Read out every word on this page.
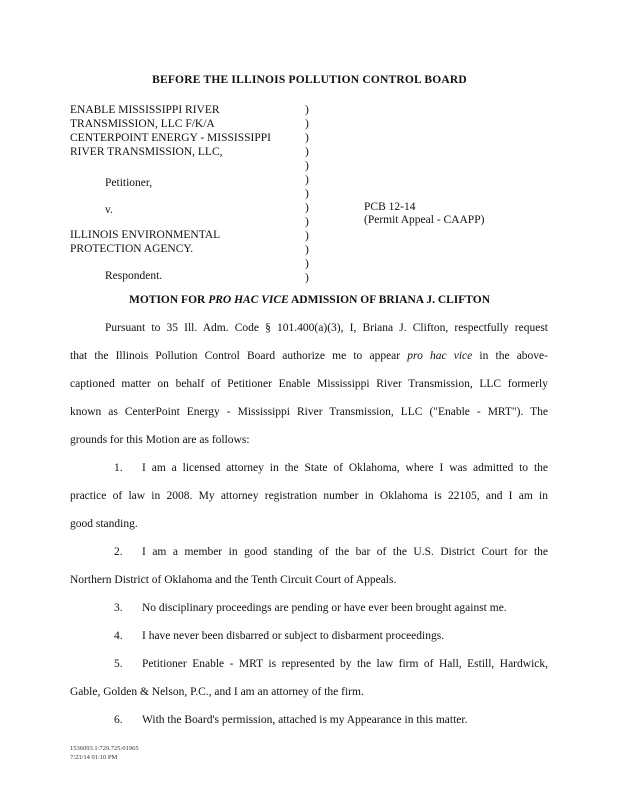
BEFORE THE ILLINOIS POLLUTION CONTROL BOARD
ENABLE MISSISSIPPI RIVER
TRANSMISSION, LLC F/K/A
CENTERPOINT ENERGY - MISSISSIPPI
RIVER TRANSMISSION, LLC,
Petitioner,
v.
ILLINOIS ENVIRONMENTAL
PROTECTION AGENCY.
Respondent.
)
)
)
)
)
)
)
)
)
)
)
)
)
PCB 12-14
(Permit Appeal - CAAPP)
MOTION FOR PRO HAC VICE ADMISSION OF BRIANA J. CLIFTON
Pursuant to 35 Ill. Adm. Code § 101.400(a)(3), I, Briana J. Clifton, respectfully request
that the Illinois Pollution Control Board authorize me to appear pro hac vice in the above-
captioned matter on behalf of Petitioner Enable Mississippi River Transmission, LLC formerly
known as CenterPoint Energy - Mississippi River Transmission, LLC ("Enable - MRT"). The
grounds for this Motion are as follows:
1. I am a licensed attorney in the State of Oklahoma, where I was admitted to the
practice of law in 2008. My attorney registration number in Oklahoma is 22105, and I am in
good standing.
2. I am a member in good standing of the bar of the U.S. District Court for the
Northern District of Oklahoma and the Tenth Circuit Court of Appeals.
3. No disciplinary proceedings are pending or have ever been brought against me.
4. I have never been disbarred or subject to disbarment proceedings.
5. Petitioner Enable - MRT is represented by the law firm of Hall, Estill, Hardwick,
Gable, Golden & Nelson, P.C., and I am an attorney of the firm.
6. With the Board's permission, attached is my Appearance in this matter.
1536093.1:729.725:01965
7/23/14 01:10 PM
